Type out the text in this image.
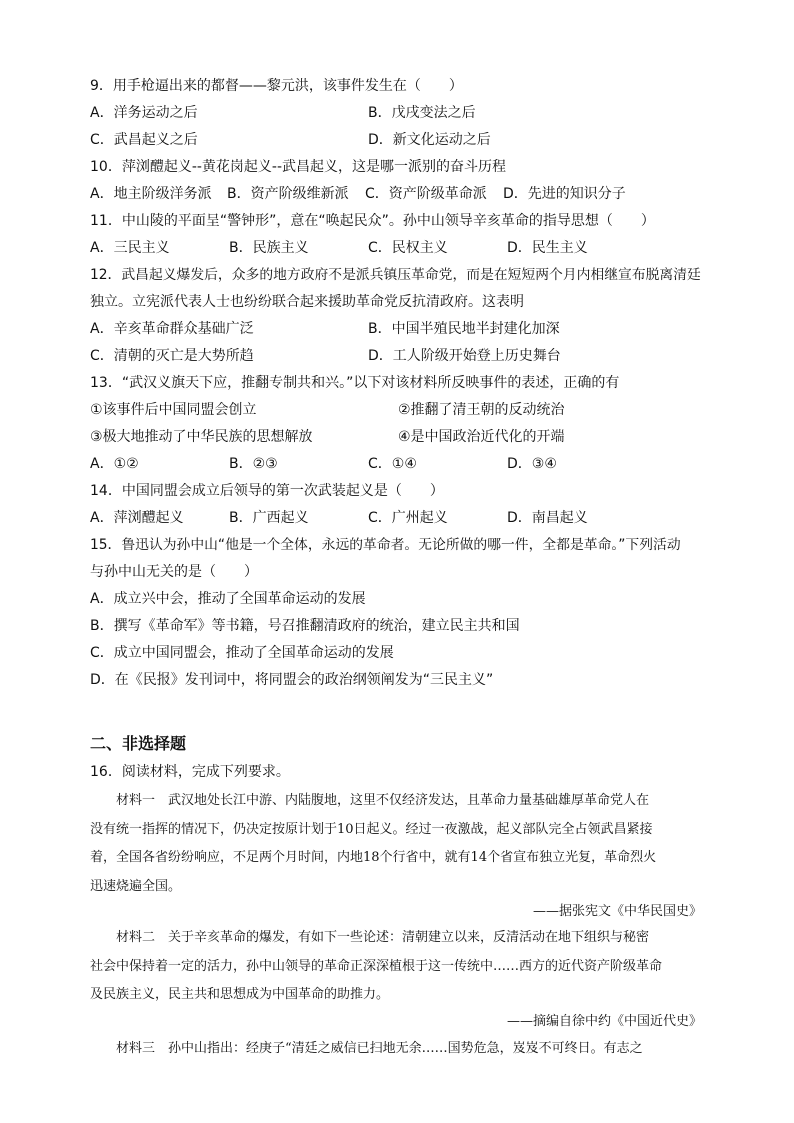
9．用手枪逼出来的都督——黎元洪，该事件发生在（　　）
A．洋务运动之后	B．戊戌变法之后
C．武昌起义之后	D．新文化运动之后
10．萍浏醴起义--黄花岗起义--武昌起义，这是哪一派别的奋斗历程
A．地主阶级洋务派 B．资产阶级维新派 C．资产阶级革命派 D．先进的知识分子
11．中山陵的平面呈“警钟形”，意在“唤起民众”。孙中山领导辛亥革命的指导思想（　　）
A．三民主义	B．民族主义	C．民权主义	D．民生主义
12．武昌起义爆发后，众多的地方政府不是派兵镇压革命党，而是在短短两个月内相继宣布脱离清廷
独立。立宪派代表人士也纷纷联合起来援助革命党反抗清政府。这表明
A．辛亥革命群众基础广泛	B．中国半殖民地半封建化加深
C．清朝的灭亡是大势所趋	D．工人阶级开始登上历史舞台
13．“武汉义旗天下应，推翻专制共和兴。”以下对该材料所反映事件的表述，正确的有
①该事件后中国同盟会创立	②推翻了清王朝的反动统治
③极大地推动了中华民族的思想解放	④是中国政治近代化的开端
A．①②	B．②③	C．①④	D．③④
14．中国同盟会成立后领导的第一次武装起义是（　　）
A．萍浏醴起义	B．广西起义	C．广州起义	D．南昌起义
15．鲁迅认为孙中山“他是一个全体，永远的革命者。无论所做的哪一件，全都是革命。”下列活动
与孙中山无关的是（　　）
A．成立兴中会，推动了全国革命运动的发展
B．撰写《革命军》等书籍，号召推翻清政府的统治，建立民主共和国
C．成立中国同盟会，推动了全国革命运动的发展
D．在《民报》发刊词中，将同盟会的政治纲领阐发为“三民主义”
二、非选择题
16．阅读材料，完成下列要求。
　　材料一　武汉地处长江中游、内陆腹地，这里不仅经济发达，且革命力量基础雄厚革命党人在
没有统一指挥的情况下，仍决定按原计划于10日起义。经过一夜激战，起义部队完全占领武昌紧接
着，全国各省纷纷响应，不足两个月时间，内地18个行省中，就有14个省宣布独立光复，革命烈火
迅速烧遍全国。
——据张宪文《中华民国史》
　　材料二　关于辛亥革命的爆发，有如下一些论述：清朝建立以来，反清活动在地下组织与秘密
社会中保持着一定的活力，孙中山领导的革命正深深植根于这一传统中……西方的近代资产阶级革命
及民族主义，民主共和思想成为中国革命的助推力。
——摘编自徐中约《中国近代史》
　　材料三　孙中山指出：经庚子“清廷之威信已扫地无余……国势危急，岌岌不可终日。有志之
